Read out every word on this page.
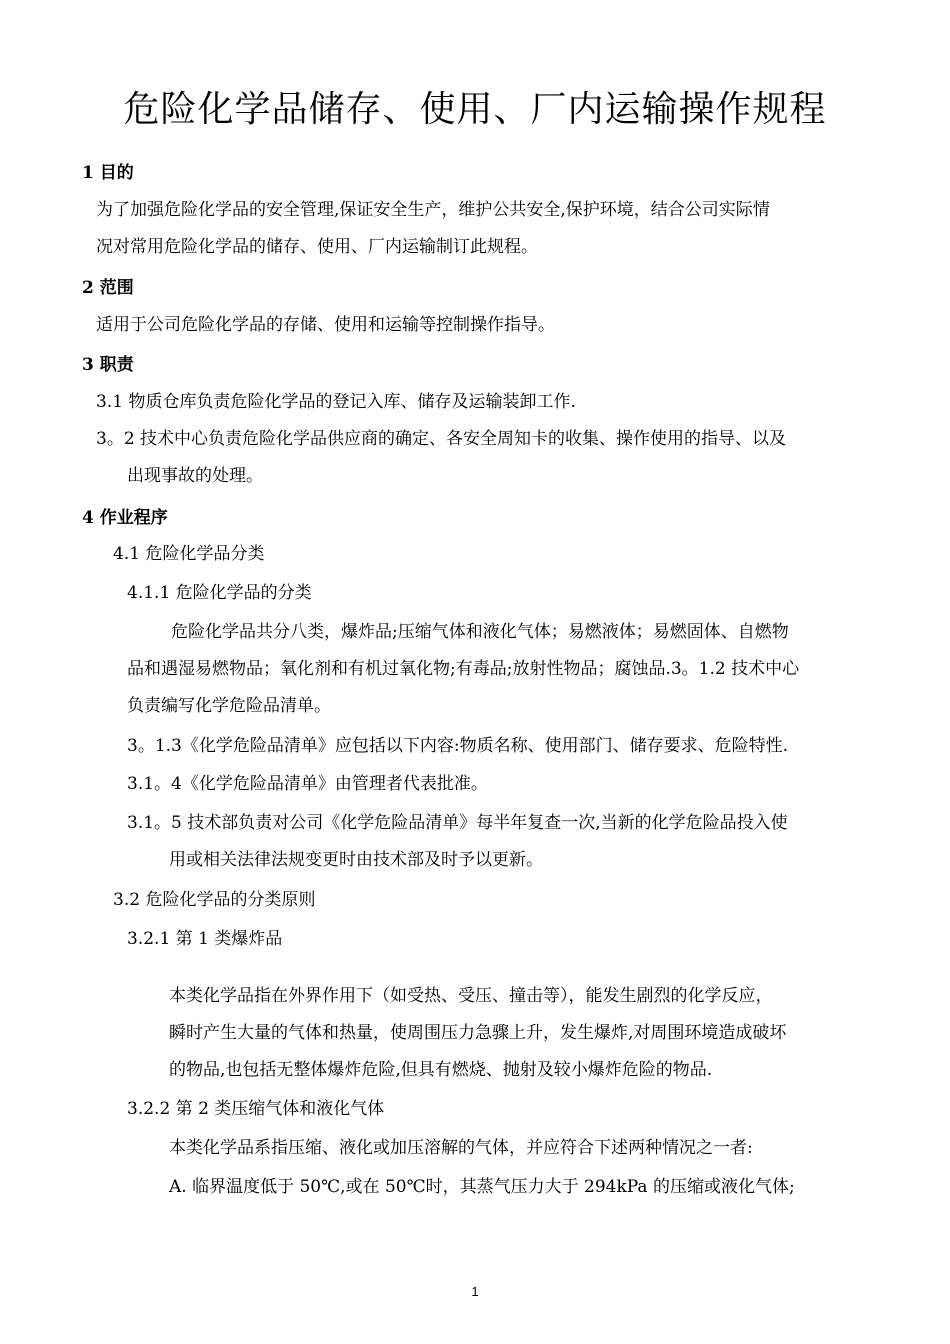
危险化学品储存、使用、厂内运输操作规程
1 目的
为了加强危险化学品的安全管理,保证安全生产，维护公共安全,保护环境，结合公司实际情
况对常用危险化学品的储存、使用、厂内运输制订此规程。
2 范围
适用于公司危险化学品的存储、使用和运输等控制操作指导。
3 职责
3.1 物质仓库负责危险化学品的登记入库、储存及运输装卸工作.
3。2 技术中心负责危险化学品供应商的确定、各安全周知卡的收集、操作使用的指导、以及
出现事故的处理。
4 作业程序
4.1 危险化学品分类
4.1.1 危险化学品的分类
危险化学品共分八类，爆炸品;压缩气体和液化气体；易燃液体；易燃固体、自燃物
品和遇湿易燃物品；氧化剂和有机过氧化物;有毒品;放射性物品；腐蚀品.3。1.2 技术中心
负责编写化学危险品清单。
3。1.3《化学危险品清单》应包括以下内容:物质名称、使用部门、储存要求、危险特性.
3.1。4《化学危险品清单》由管理者代表批准。
3.1。5 技术部负责对公司《化学危险品清单》每半年复查一次,当新的化学危险品投入使
用或相关法律法规变更时由技术部及时予以更新。
3.2 危险化学品的分类原则
3.2.1 第 1 类爆炸品
本类化学品指在外界作用下（如受热、受压、撞击等），能发生剧烈的化学反应，
瞬时产生大量的气体和热量，使周围压力急骤上升，发生爆炸,对周围环境造成破坏
的物品,也包括无整体爆炸危险,但具有燃烧、抛射及较小爆炸危险的物品.
3.2.2 第 2 类压缩气体和液化气体
本类化学品系指压缩、液化或加压溶解的气体，并应符合下述两种情况之一者:
A. 临界温度低于 50℃,或在 50℃时，其蒸气压力大于 294kPa 的压缩或液化气体;
1
